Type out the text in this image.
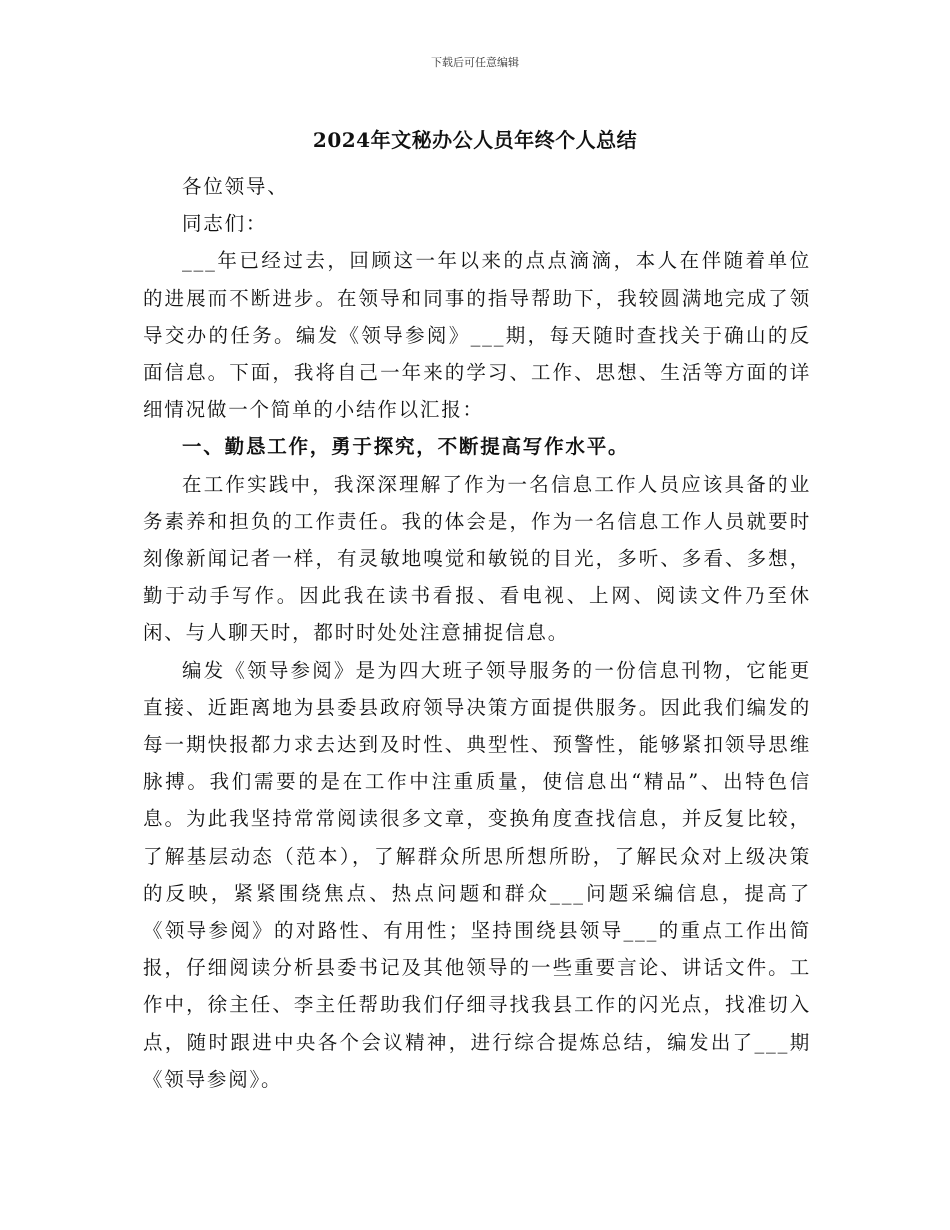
下载后可任意编辑
2024年文秘办公人员年终个人总结

各位领导、

同志们：

___年已经过去，回顾这一年以来的点点滴滴，本人在伴随着单位的进展而不断进步。在领导和同事的指导帮助下，我较圆满地完成了领导交办的任务。编发《领导参阅》___期，每天随时查找关于确山的反面信息。下面，我将自己一年来的学习、工作、思想、生活等方面的详细情况做一个简单的小结作以汇报：

一、勤恳工作，勇于探究，不断提高写作水平。

在工作实践中，我深深理解了作为一名信息工作人员应该具备的业务素养和担负的工作责任。我的体会是，作为一名信息工作人员就要时刻像新闻记者一样，有灵敏地嗅觉和敏锐的目光，多听、多看、多想，勤于动手写作。因此我在读书看报、看电视、上网、阅读文件乃至休闲、与人聊天时，都时时处处注意捕捉信息。

编发《领导参阅》是为四大班子领导服务的一份信息刊物，它能更直接、近距离地为县委县政府领导决策方面提供服务。因此我们编发的每一期快报都力求去达到及时性、典型性、预警性，能够紧扣领导思维脉搏。我们需要的是在工作中注重质量，使信息出“精品”、出特色信息。为此我坚持常常阅读很多文章，变换角度查找信息，并反复比较，了解基层动态（范本），了解群众所思所想所盼，了解民众对上级决策的反映，紧紧围绕焦点、热点问题和群众___问题采编信息，提高了《领导参阅》的对路性、有用性；坚持围绕县领导___的重点工作出简报，仔细阅读分析县委书记及其他领导的一些重要言论、讲话文件。工作中，徐主任、李主任帮助我们仔细寻找我县工作的闪光点，找准切入点，随时跟进中央各个会议精神，进行综合提炼总结，编发出了___期《领导参阅》。
